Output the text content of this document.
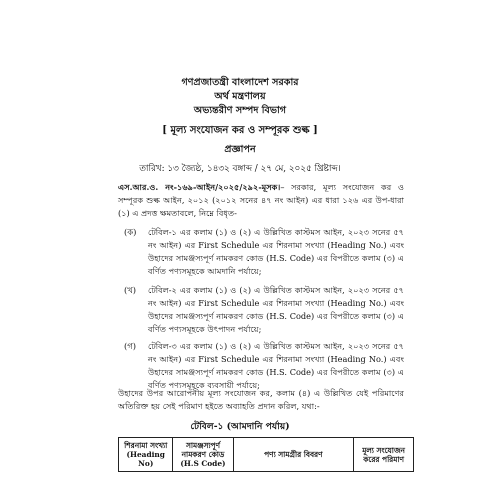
গণপ্রজাতন্ত্রী বাংলাদেশ সরকার
অর্থ মন্ত্রণালয়
অভ্যন্তরীণ সম্পদ বিভাগ
[ মূল্য সংযোজন কর ও সম্পূরক শুল্ক ]
প্রজ্ঞাপন
তারিখ: ১৩ জ্যৈষ্ঠ, ১৪৩২ বঙ্গাব্দ / ২৭ মে, ২০২৫ খ্রিষ্টাব্দ।
এস.আর.ও. নং-১৬৯-আইন/২০২৫/২৯২-মূসক।– সরকার, মূল্য সংযোজন কর ও সম্পূরক শুল্ক আইন, ২০১২ (২০১২ সনের ৪৭ নং আইন) এর ধারা ১২৬ এর উপ-ধারা (১) এ প্রদত্ত ক্ষমতাবলে, নিম্নে বিধৃত-
(ক) টেবিল-১ এর কলাম (১) ও (২) এ উল্লিখিত কাস্টমস আইন, ২০২৩ সনের ৫৭ নং আইন) এর First Schedule এর শিরনামা সংখ্যা (Heading No.) এবং উহাদের সামঞ্জস্যপূর্ণ নামকরণ কোড (H.S. Code) এর বিপরীতে কলাম (৩) এ বর্ণিত পণ্যসমূহকে আমদানি পর্যায়ে;
(খ) টেবিল-২ এর কলাম (১) ও (২) এ উল্লিখিত কাস্টমস আইন, ২০২৩ সনের ৫৭ নং আইন) এর First Schedule এর শিরনামা সংখ্যা (Heading No.) এবং উহাদের সামঞ্জস্যপূর্ণ নামকরণ কোড (H.S. Code) এর বিপরীতে কলাম (৩) এ বর্ণিত পণ্যসমূহকে উৎপাদন পর্যায়ে;
(গ) টেবিল-৩ এর কলাম (১) ও (২) এ উল্লিখিত কাস্টমস আইন, ২০২৩ সনের ৫৭ নং আইন) এর First Schedule এর শিরনামা সংখ্যা (Heading No.) এবং উহাদের সামঞ্জস্যপূর্ণ নামকরণ কোড (H.S. Code) এর বিপরীতে কলাম (৩) এ বর্ণিত পণ্যসমূহকে ব্যবসায়ী পর্যায়ে;
উহাদের উপর আরোপনীয় মূল্য সংযোজন কর, কলাম (৪) এ উল্লিখিত যেই পরিমাণের অতিরিক্ত হয় সেই পরিমাণ হইতে অব্যাহতি প্রদান করিল, যথা:-
টেবিল-১ (আমদানি পর্যায়)
শিরনামা সংখ্যা (Heading No)	সামঞ্জস্যপূর্ণ নামকরণ কোড (H.S Code)	পণ্য সামগ্রীর বিবরণ	মূল্য সংযোজন করের পরিমাণ
